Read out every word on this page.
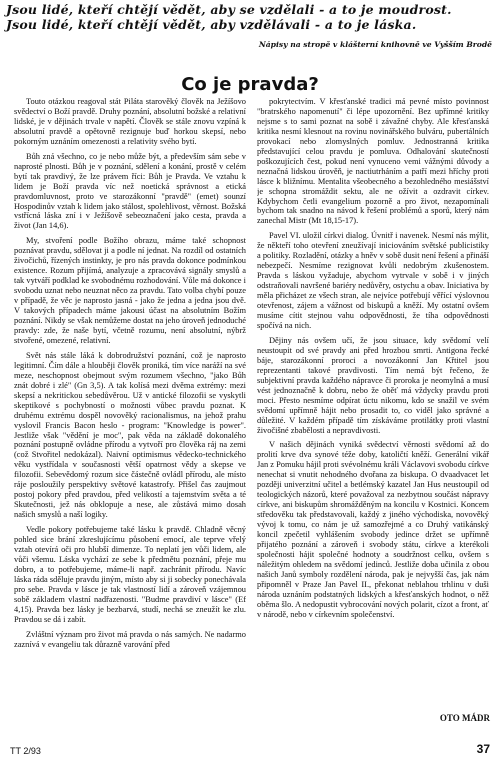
Jsou lidé, kteří chtějí vědět, aby se vzdělali - a to je moudrost.
Jsou lidé, kteří chtějí vědět, aby vzdělávali - a to je láska.
Nápisy na stropě v klášterní knihovně ve Vyšším Brodě
Co je pravda?

Touto otázkou reagoval stát Piláta starověký člověk na Ježíšovo svědectví o Boží pravdě. Druhy poznání, absolutní božské a relativní lidské, je v dějinách trvale v napětí. Člověk se stále znovu vzpíná k absolutní pravdě a opětovně rezignuje buď horkou skepsí, nebo pokorným uznáním omezenosti a relativity svého bytí.

Bůh zná všechno, co je nebo může být, a především sám sebe v naprosté plnosti. Bůh je v poznání, sdělení a konání, prostě v celém bytí tak pravdivý, že lze právem říci: Bůh je Pravda. Ve vztahu k lidem je Boží pravda víc než noetická správnost a etická pravdomluvnost, proto ve starozákonní "pravdě" (emet) sounzí Hospodinův vztah k lidem jako stálost, spolehlivost, věrnost. Božská vstřícná láska zní i v Ježíšově sebeoznačení jako cesta, pravda a život (Jan 14,6).

My, stvoření podle Božího obrazu, máme také schopnost poznávat pravdu, sdělovat ji a podle ní jednat. Na rozdíl od ostatních živočichů, řízených instinkty, je pro nás pravda dokonce podmínkou existence. Rozum přijímá, analyzuje a zpracovává signály smyslů a tak vytváří podklad ke svobodnému rozhodování. Vůle má dokonce i svobodu uznat nebo neuznat něco za pravdu. Tato volba chybí pouze v případě, že věc je naprosto jasná - jako že jedna a jedna jsou dvě. V takových případech máme jakousi účast na absolutním Božím poznání. Nikdy se však nemůžeme dostat na jeho úroveň jednoduché pravdy: zde, že naše bytí, včetně rozumu, není absolutní, nýbrž stvořené, omezené, relativní.

Svět nás stále láká k dobrodružství poznání, což je naprosto legitimní. Čím dále a hlouběji člověk proniká, tím více naráží na své meze, neschopnost obejmout svým rozumem všechno, "jako Bůh znát dobré i zlé" (Gn 3,5). A tak kolísá mezi dvěma extrémy: mezi skepsí a nekritickou sebedůvěrou. Už v antické filozofii se vyskytli skeptikové s pochybností o možnosti vůbec pravdu poznat. K druhému extrému dospěl novověký racionalismus, na jehož prahu vyslovil Francis Bacon heslo - program: "Knowledge is power". Jestliže však "vědění je moc", pak věda na základě dokonalého poznání postupně ovládne přírodu a vytvoří pro člověka ráj na zemi (což Stvořitel nedokázal). Naivní optimismus vědecko-technického věku vystřídala v současnosti větší opatrnost vědy a skepse ve filozofii. Sebevědomý rozum sice částečně ovládl přírodu, ale místo ráje posloužily perspektivy světové katastrofy. Přišel čas zaujmout postoj pokory před pravdou, před velikostí a tajemstvím světa a té Skutečnosti, jež nás obklopuje a nese, ale zůstává mimo dosah našich smyslů a naší logiky.

Vedle pokory potřebujeme také lásku k pravdě. Chladně věcný pohled sice brání zkreslujícímu působení emocí, ale teprve vřelý vztah otevírá oči pro hlubší dimenze. To neplatí jen vůči lidem, ale vůči všemu. Láska vychází ze sebe k předmětu poznání, přeje mu dobro, a to potřebujeme, máme-li např. zachránit přírodu. Navíc láska ráda sděluje pravdu jiným, místo aby si ji sobecky ponechávala pro sebe. Pravda v lásce je tak vlastností lidí a zároveň vzájemnou sobě základem vlastní nadřazenosti. "Budme pravdiví v lásce" (Ef 4,15). Pravda bez lásky je bezbarvá, studí, nechá se zneužít ke zlu. Pravdou se dá i zabít.

Zvláštní význam pro život má pravda o nás samých. Ne nadarmo zaznívá v evangeliu tak důrazně varování před

pokrytectvím. V křesťanské tradici má pevné místo povinnost "bratrského napomenutí" či lépe upozornění. Bez upřímné kritiky nejsme s to sami poznat na sobě i závažné chyby. Ale křesťanská kritika nesmí klesnout na rovinu novinářského bulváru, pubertálních provokací nebo zlomyslných pomluv. Jednostranná kritika představující celou pravdu je pomluva. Odhalování skutečností poškozujících čest, pokud není vynuceno vemi vážnými důvody a neznačná lidskou úrověň, je nactiutrháním a patří mezi hříchy proti lásce k bližnímu. Mentalita všeobecného a bezohledného mesiášství je schopna stromáždit sektu, ale ne ožívit a ozdravit církev. Kdybychom četli evangelium pozorně a pro život, nezapomínali bychom tak snadno na návod k řešení problémů a sporů, který nám zanechal Mistr (Mt 18,15-17).

Pavel VI. uložil církvi dialog. Úvnitř i navenek. Nesmí nás mýlit, že někteří toho otevření zneužívají iniciováním světské publicistiky a politiky. Rozladění, otázky a hněv v sobě dusit není řešení a přináší nebezpečí. Nesmíme rezignovat kvůli nedobrým zkušenostem. Pravda s láskou vyžaduje, abychom vytrvale v sobě i v jiných odstraňovali navršené bariéry nedůvěry, ostychu a obav. Iniciativa by měla přicházet ze všech stran, ale nejvíce potřebují věřící výslovnou otevřenost, zájem a vážnost od biskupů a kněží. My ostatní ovšem musíme cítit stejnou vahu odpovědnosti, že tíha odpovědnosti spočívá na nich.

Dějiny nás ovšem učí, že jsou situace, kdy svědomí velí neustoupit od své pravdy ani před hrozbou smrti. Antigona řecké báje, starozákonní proroci a novozákonní Jan Křtitel jsou reprezentanti takové pravdivosti. Tím nemá být řečeno, že subjektivní pravda každého nápravce či proroka je neomylná a musí vést jednoznačně k dobru, nebo že oběť má vždycky pravdu proti moci. Přesto nesmíme odpírat úctu nikomu, kdo se snažil ve svém svědomí upřímně hájit nebo prosadit to, co viděl jako správné a důležité. V každém případě tím získáváme protilátky proti vlastní živočišné zbabělosti a nepravdivosti.

V našich dějinách vyniká svědectví věrnosti svědomí až do prolití krve dva synové téže doby, katoličtí kněží. Generální vikář Jan z Pomuku hájil proti svévolnému králi Václavovi svobodu církve nenechat si vnutit nehodného dvořana za biskupa. O dvaadvacet let později univerzitní učitel a betlémský kazatel Jan Hus neustoupil od teologických názorů, které považoval za nezbytnou součást nápravy církve, ani biskupům shromážděným na koncilu v Kostnici. Koncem středověku tak představovali, každý z jiného východiska, novověký vývoj k tomu, co nám je už samozřejmé a co Druhý vatikánský koncil zpečetil vyhlášením svobody jedince držet se upřímně přijatého poznání a zároveň i svobody státu, církve a kterékoli společnosti hájit společné hodnoty a soudržnost celku, ovšem s náležitým ohledem na svědomí jedinců. Jestliže doba učinila z obou našich Janů symboly rozdělení národa, pak je nejvyšší čas, jak nám připomněl v Praze Jan Pavel II., překonat neblahou trhlinu v duši národa uznáním podstatných lidských a křesťanských hodnot, o něž oběma šlo. A nedopustit vybrocování nových polarit, cízot a front, ať v národě, nebo v církevním společenství.

OTO MÁDR
TT 2/93	37
